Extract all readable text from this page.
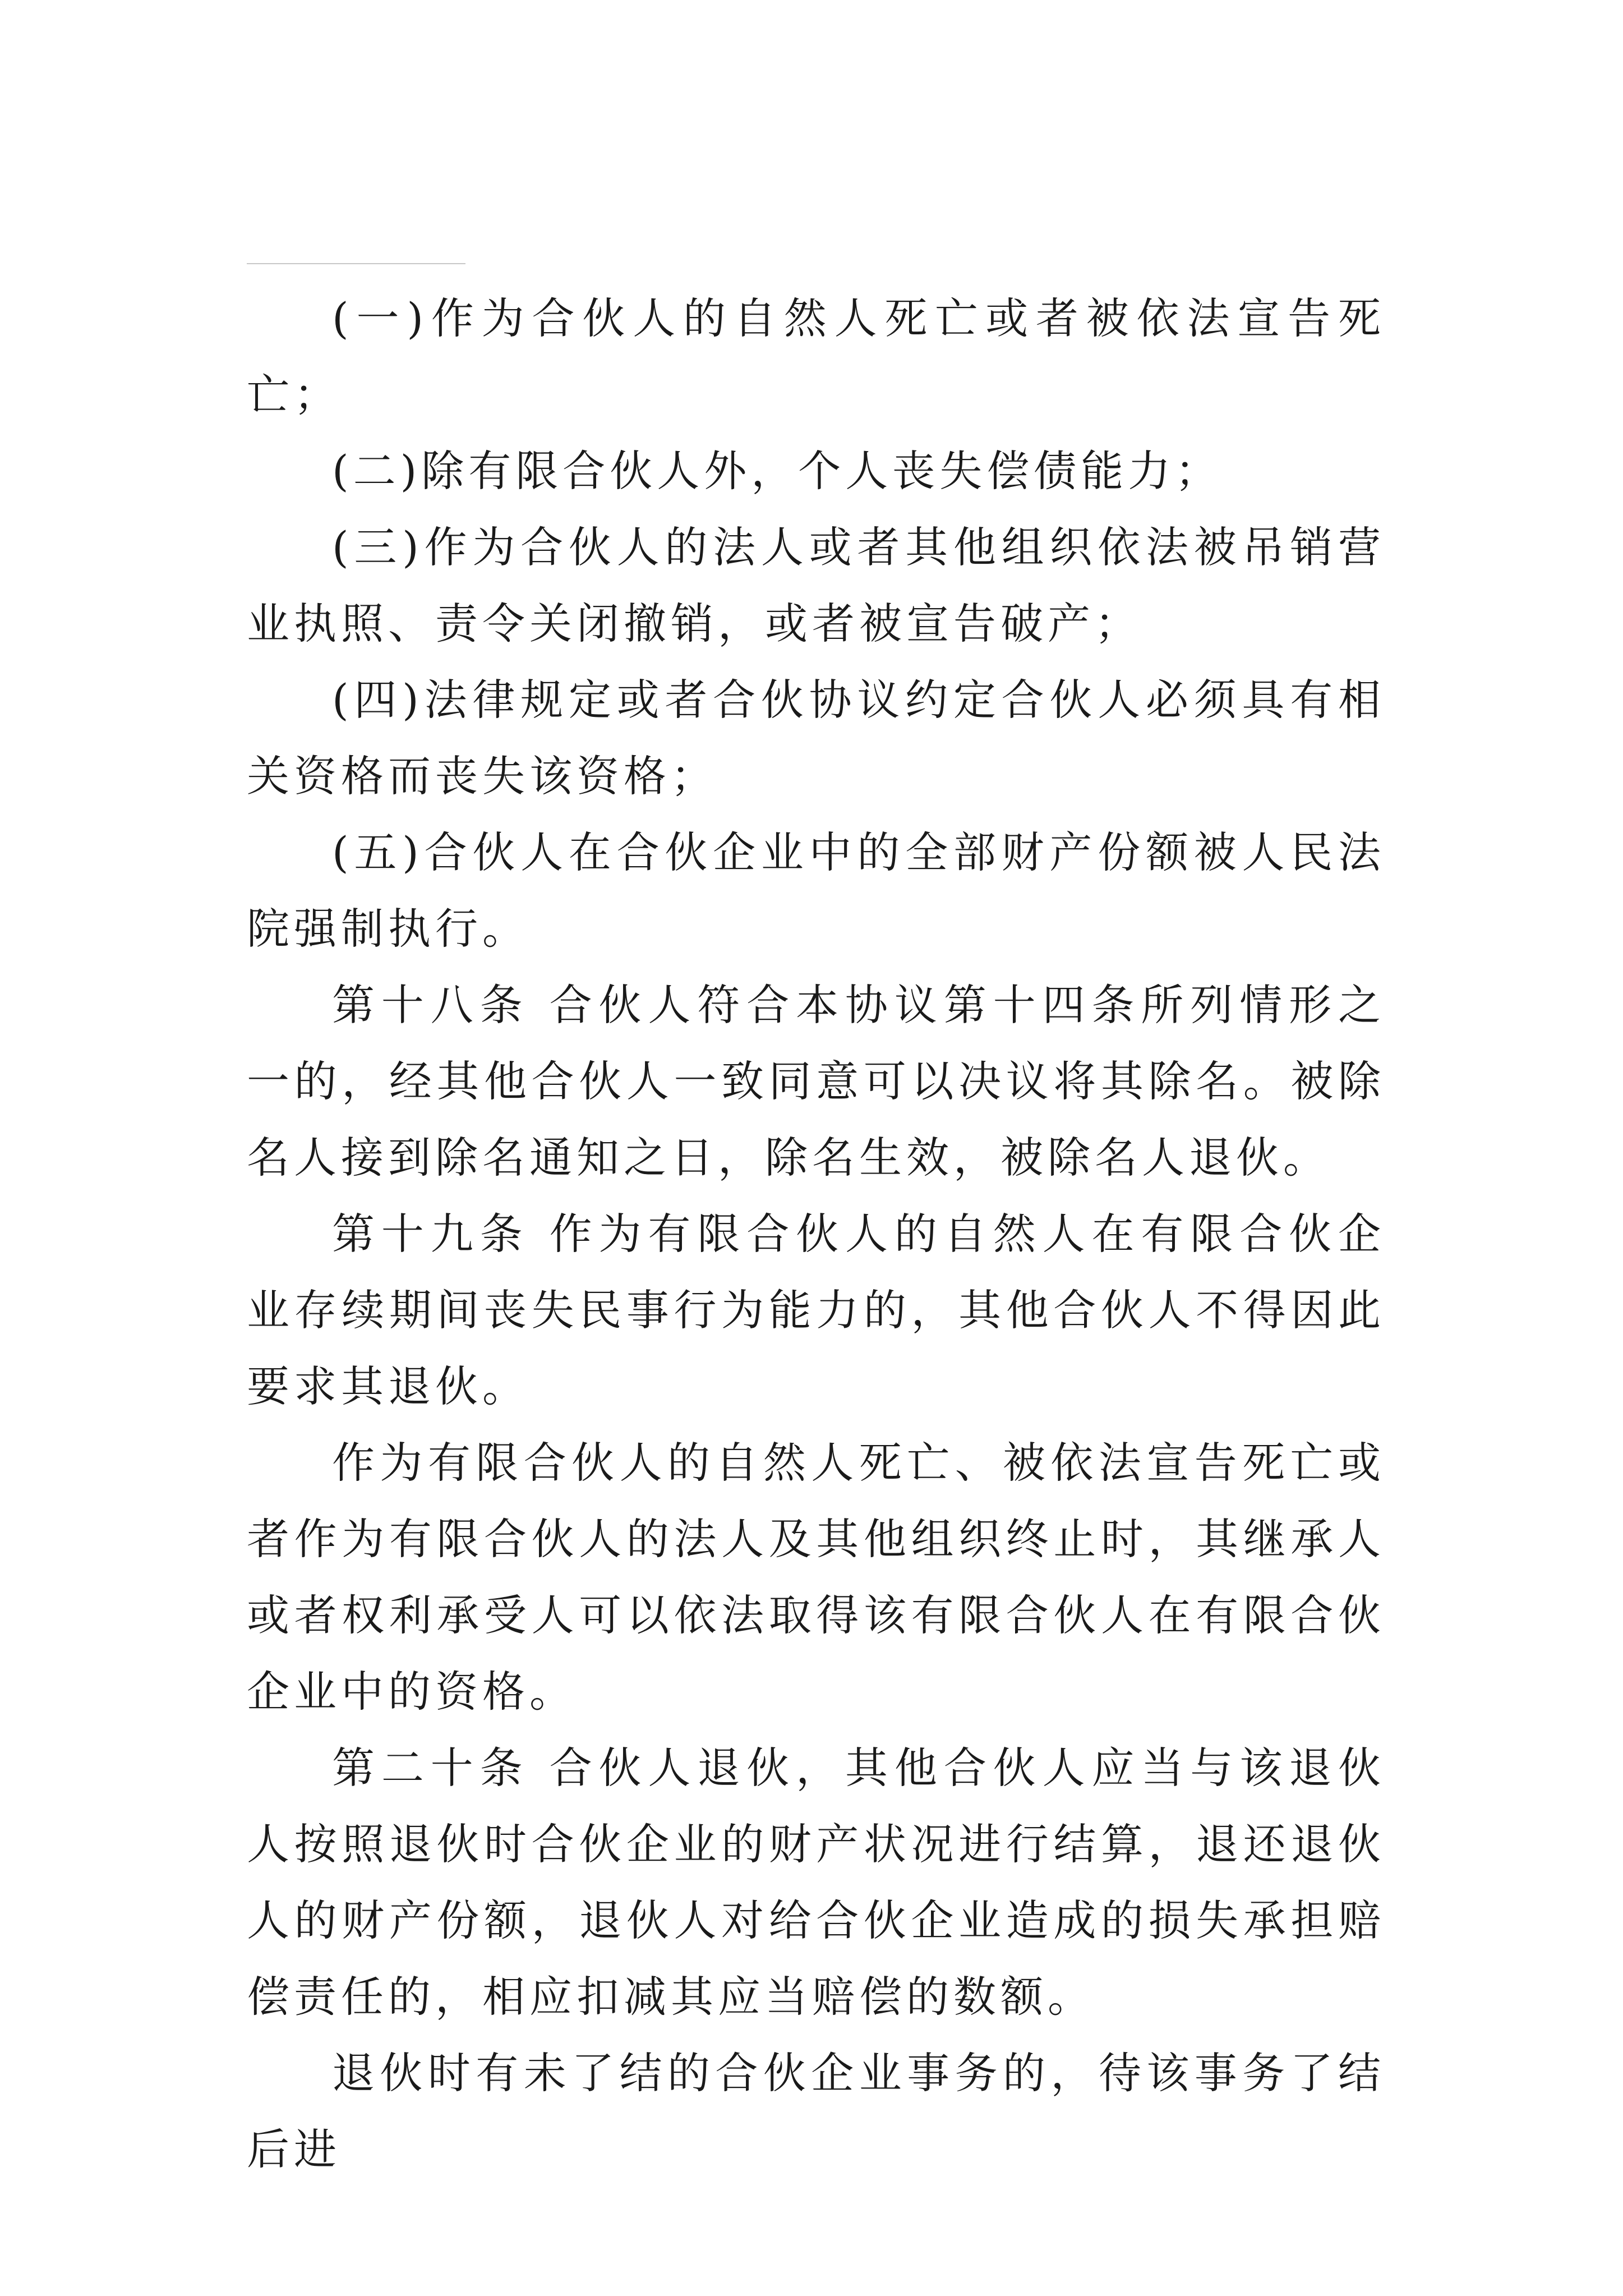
(一)作为合伙人的自然人死亡或者被依法宣告死亡；

(二)除有限合伙人外，个人丧失偿债能力；

(三)作为合伙人的法人或者其他组织依法被吊销营业执照、责令关闭撤销，或者被宣告破产；

(四)法律规定或者合伙协议约定合伙人必须具有相关资格而丧失该资格；

(五)合伙人在合伙企业中的全部财产份额被人民法院强制执行。

第十八条 合伙人符合本协议第十四条所列情形之一的，经其他合伙人一致同意可以决议将其除名。被除名人接到除名通知之日，除名生效，被除名人退伙。

第十九条 作为有限合伙人的自然人在有限合伙企业存续期间丧失民事行为能力的，其他合伙人不得因此要求其退伙。

作为有限合伙人的自然人死亡、被依法宣告死亡或者作为有限合伙人的法人及其他组织终止时，其继承人或者权利承受人可以依法取得该有限合伙人在有限合伙企业中的资格。

第二十条 合伙人退伙，其他合伙人应当与该退伙人按照退伙时合伙企业的财产状况进行结算，退还退伙人的财产份额，退伙人对给合伙企业造成的损失承担赔偿责任的，相应扣减其应当赔偿的数额。

退伙时有未了结的合伙企业事务的，待该事务了结后进
